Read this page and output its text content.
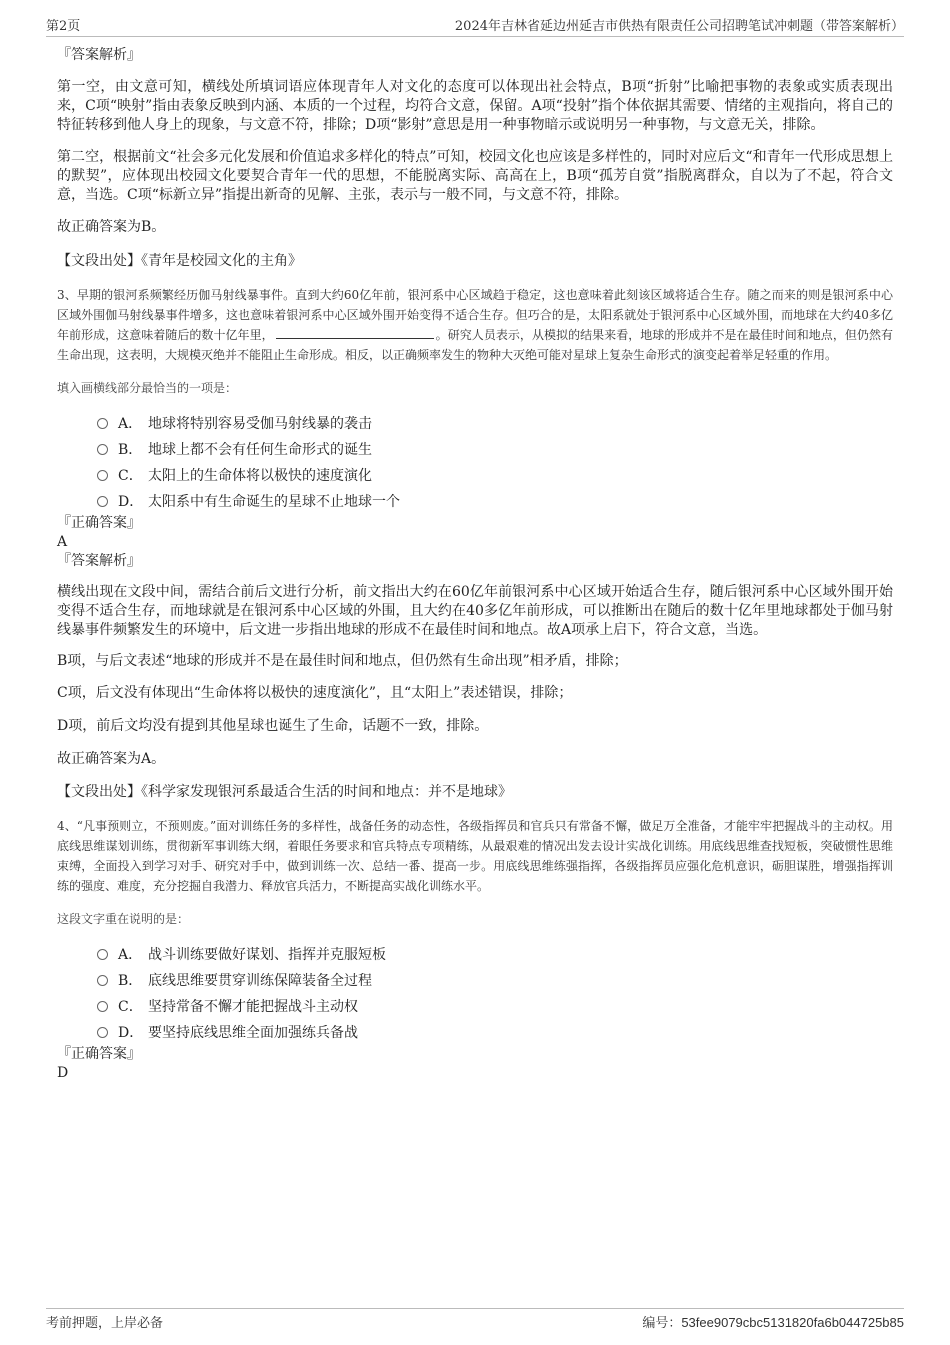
第2页	2024年吉林省延边州延吉市供热有限责任公司招聘笔试冲刺题（带答案解析）
『答案解析』

第一空，由文意可知，横线处所填词语应体现青年人对文化的态度可以体现出社会特点，B项“折射”比喻把事物的表象或实质表现出来，C项“映射”指由表象反映到内涵、本质的一个过程，均符合文意，保留。A项“投射”指个体依据其需要、情绪的主观指向，将自己的特征转移到他人身上的现象，与文意不符，排除；D项“影射”意思是用一种事物暗示或说明另一种事物，与文意无关，排除。

第二空，根据前文“社会多元化发展和价值追求多样化的特点”可知，校园文化也应该是多样性的，同时对应后文“和青年一代形成思想上的默契”，应体现出校园文化要契合青年一代的思想，不能脱离实际、高高在上，B项“孤芳自赏”指脱离群众，自以为了不起，符合文意，当选。C项“标新立异”指提出新奇的见解、主张，表示与一般不同，与文意不符，排除。

故正确答案为B。

【文段出处】《青年是校园文化的主角》

3、早期的银河系频繁经历伽马射线暴事件。直到大约60亿年前，银河系中心区域趋于稳定，这也意味着此刻该区域将适合生存。随之而来的则是银河系中心区域外围伽马射线暴事件增多，这也意味着银河系中心区域外围开始变得不适合生存。但巧合的是，太阳系就处于银河系中心区域外围，而地球在大约40多亿年前形成，这意味着随后的数十亿年里，	。研究人员表示，从模拟的结果来看，地球的形成并不是在最佳时间和地点，但仍然有生命出现，这表明，大规模灭绝并不能阻止生命形成。相反，以正确频率发生的物种大灭绝可能对星球上复杂生命形式的演变起着举足轻重的作用。

填入画横线部分最恰当的一项是：
A． 地球将特别容易受伽马射线暴的袭击
B． 地球上都不会有任何生命形式的诞生
C． 太阳上的生命体将以极快的速度演化
D． 太阳系中有生命诞生的星球不止地球一个
『正确答案』
A
『答案解析』

横线出现在文段中间，需结合前后文进行分析，前文指出大约在60亿年前银河系中心区域开始适合生存，随后银河系中心区域外围开始变得不适合生存，而地球就是在银河系中心区域的外围，且大约在40多亿年前形成，可以推断出在随后的数十亿年里地球都处于伽马射线暴事件频繁发生的环境中，后文进一步指出地球的形成不在最佳时间和地点。故A项承上启下，符合文意，当选。

B项，与后文表述“地球的形成并不是在最佳时间和地点，但仍然有生命出现”相矛盾，排除；

C项，后文没有体现出“生命体将以极快的速度演化”，且“太阳上”表述错误，排除；

D项，前后文均没有提到其他星球也诞生了生命，话题不一致，排除。

故正确答案为A。

【文段出处】《科学家发现银河系最适合生活的时间和地点：并不是地球》

4、“凡事预则立，不预则废。”面对训练任务的多样性，战备任务的动态性，各级指挥员和官兵只有常备不懈，做足万全准备，才能牢牢把握战斗的主动权。用底线思维谋划训练，贯彻新军事训练大纲，着眼任务要求和官兵特点专项精练，从最艰难的情况出发去设计实战化训练。用底线思维查找短板，突破惯性思维束缚，全面投入到学习对手、研究对手中，做到训练一次、总结一番、提高一步。用底线思维练强指挥，各级指挥员应强化危机意识，砺胆谋胜，增强指挥训练的强度、难度，充分挖掘自我潜力、释放官兵活力，不断提高实战化训练水平。

这段文字重在说明的是：
A． 战斗训练要做好谋划、指挥并克服短板
B． 底线思维要贯穿训练保障装备全过程
C． 坚持常备不懈才能把握战斗主动权
D． 要坚持底线思维全面加强练兵备战
『正确答案』
D
考前押题，上岸必备	编号：53fee9079cbc5131820fa6b044725b85
